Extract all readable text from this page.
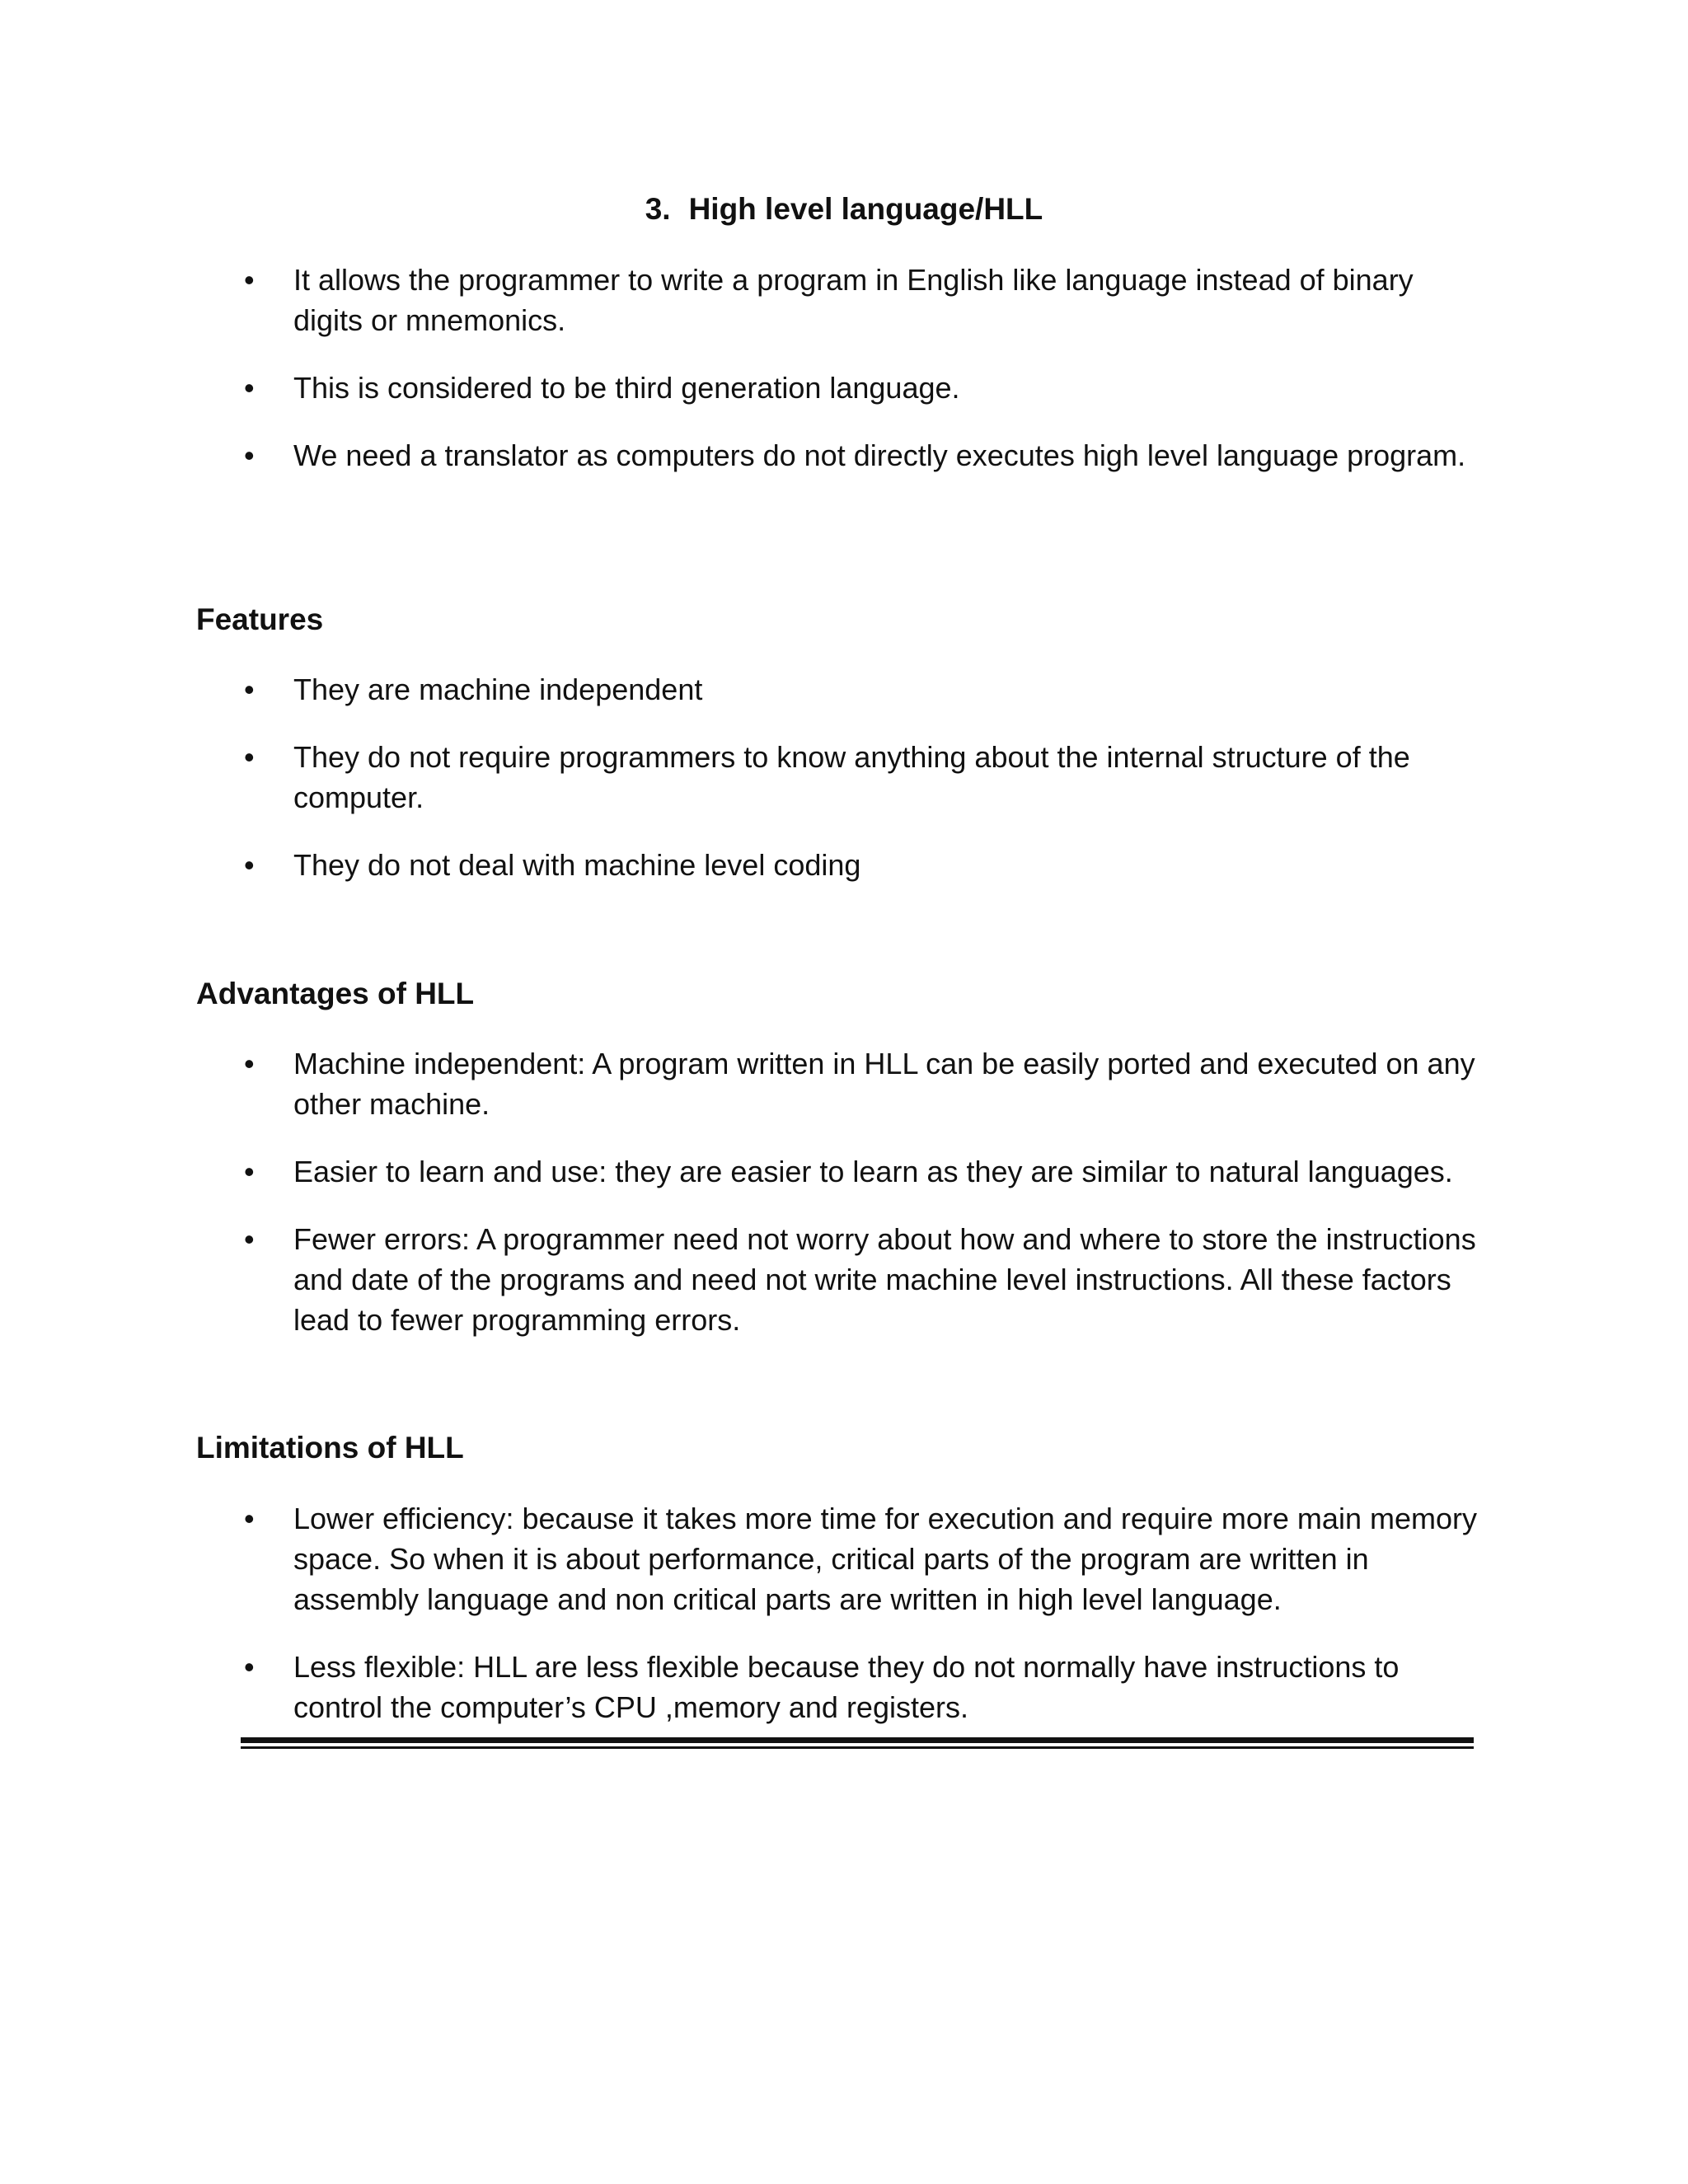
3. High level language/HLL
• It allows the programmer to write a program in English like language instead of binary digits or mnemonics.
• This is considered to be third generation language.
• We need a translator as computers do not directly executes high level language program.
Features
• They are machine independent
• They do not require programmers to know anything about the internal structure of the computer.
• They do not deal with machine level coding
Advantages of HLL
• Machine independent: A program written in HLL can be easily ported and executed on any other machine.
• Easier to learn and use: they are easier to learn as they are similar to natural languages.
• Fewer errors: A programmer need not worry about how and where to store the instructions and date of the programs and need not write machine level instructions. All these factors lead to fewer programming errors.
Limitations of HLL
• Lower efficiency: because it takes more time for execution and require more main memory space. So when it is about performance, critical parts of the program are written in assembly language and non critical parts are written in high level language.
• Less flexible: HLL are less flexible because they do not normally have instructions to control the computer’s CPU ,memory and registers.
